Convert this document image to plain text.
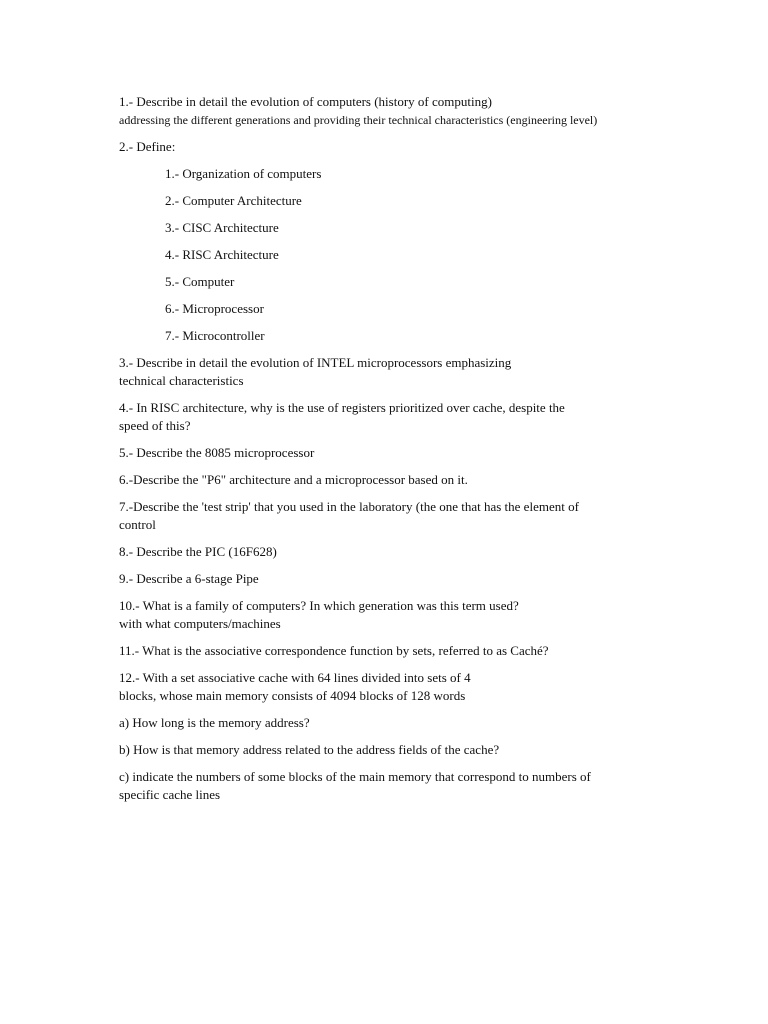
1.- Describe in detail the evolution of computers (history of computing)
addressing the different generations and providing their technical characteristics (engineering level)
2.- Define:
1.- Organization of computers
2.- Computer Architecture
3.- CISC Architecture
4.- RISC Architecture
5.- Computer
6.- Microprocessor
7.- Microcontroller
3.- Describe in detail the evolution of INTEL microprocessors emphasizing
technical characteristics
4.- In RISC architecture, why is the use of registers prioritized over cache, despite the
speed of this?
5.- Describe the 8085 microprocessor
6.-Describe the "P6" architecture and a microprocessor based on it.
7.-Describe the 'test strip' that you used in the laboratory (the one that has the element of
control
8.- Describe the PIC (16F628)
9.- Describe a 6-stage Pipe
10.- What is a family of computers? In which generation was this term used?
with what computers/machines
11.- What is the associative correspondence function by sets, referred to as Caché?
12.- With a set associative cache with 64 lines divided into sets of 4
blocks, whose main memory consists of 4094 blocks of 128 words
a) How long is the memory address?
b) How is that memory address related to the address fields of the cache?
c) indicate the numbers of some blocks of the main memory that correspond to numbers of
specific cache lines
